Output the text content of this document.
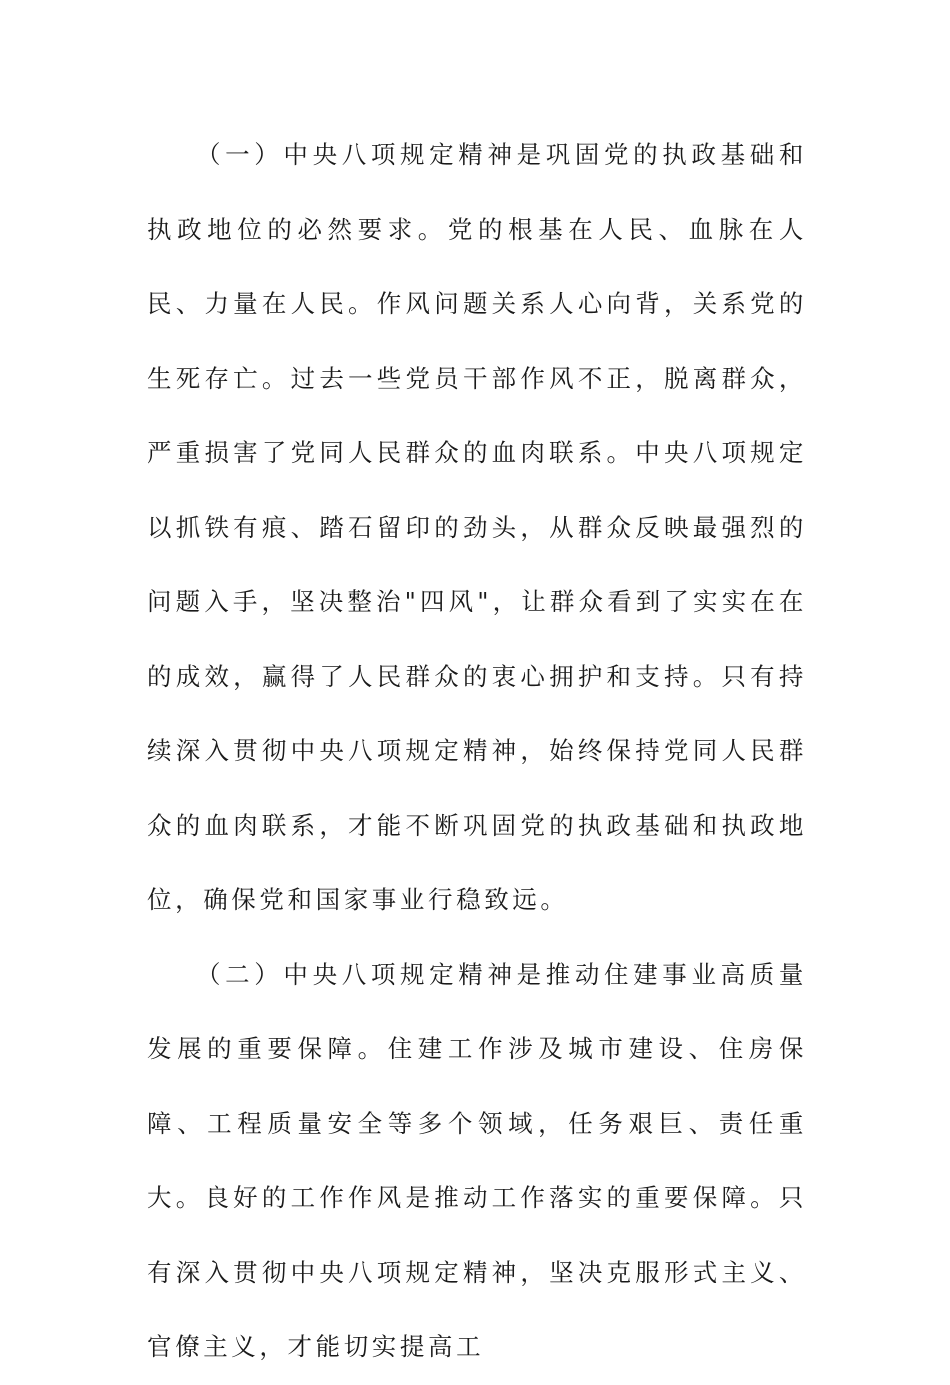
（一）中央八项规定精神是巩固党的执政基础和执政地位的必然要求。党的根基在人民、血脉在人民、力量在人民。作风问题关系人心向背，关系党的生死存亡。过去一些党员干部作风不正，脱离群众，严重损害了党同人民群众的血肉联系。中央八项规定以抓铁有痕、踏石留印的劲头，从群众反映最强烈的问题入手，坚决整治"四风"，让群众看到了实实在在的成效，赢得了人民群众的衷心拥护和支持。只有持续深入贯彻中央八项规定精神，始终保持党同人民群众的血肉联系，才能不断巩固党的执政基础和执政地位，确保党和国家事业行稳致远。

（二）中央八项规定精神是推动住建事业高质量发展的重要保障。住建工作涉及城市建设、住房保障、工程质量安全等多个领域，任务艰巨、责任重大。良好的工作作风是推动工作落实的重要保障。只有深入贯彻中央八项规定精神，坚决克服形式主义、官僚主义，才能切实提高工
